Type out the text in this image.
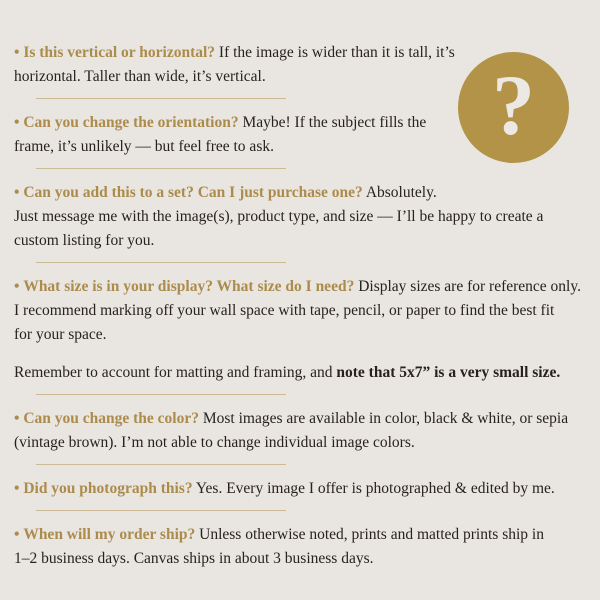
?

• Is this vertical or horizontal? If the image is wider than it is tall, it’s horizontal. Taller than wide, it’s vertical.

• Can you change the orientation? Maybe! If the subject fills the frame, it’s unlikely — but feel free to ask.

• Can you add this to a set? Can I just purchase one? Absolutely.

Just message me with the image(s), product type, and size — I’ll be happy to create a custom listing for you.

• What size is in your display? What size do I need? Display sizes are for reference only.

I recommend marking off your wall space with tape, pencil, or paper to find the best fit for your space.

Remember to account for matting and framing, and note that 5x7” is a very small size.

• Can you change the color? Most images are available in color, black & white, or sepia

(vintage brown). I’m not able to change individual image colors.

• Did you photograph this? Yes. Every image I offer is photographed & edited by me.

• When will my order ship? Unless otherwise noted, prints and matted prints ship in

1–2 business days. Canvas ships in about 3 business days.
